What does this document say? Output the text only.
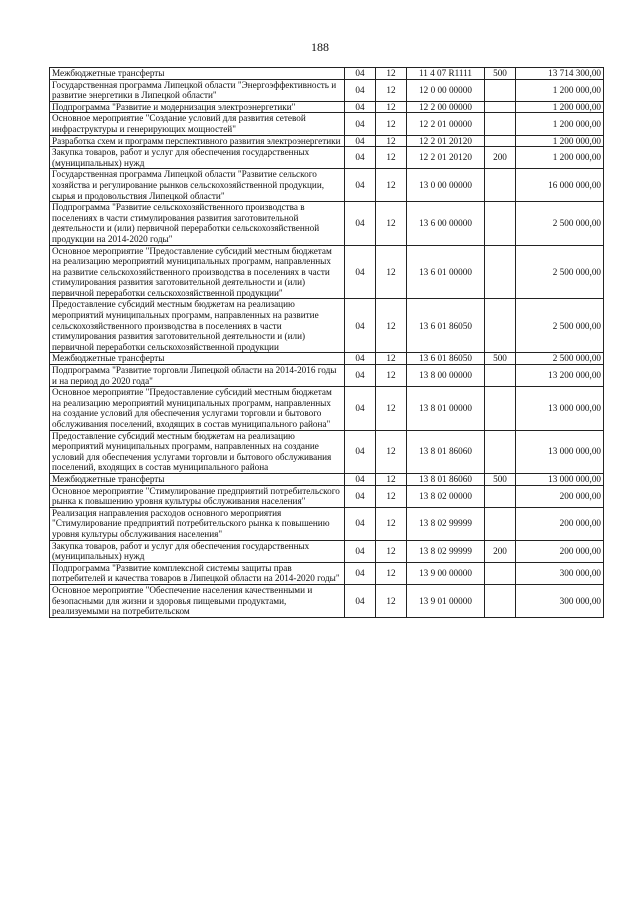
188
Межбюджетные трансферты	04	12	11 4 07 R1111	500	13 714 300,00
Государственная программа Липецкой области "Энергоэффективность и развитие энергетики в Липецкой области"	04	12	12 0 00 00000		1 200 000,00
Подпрограмма "Развитие и модернизация электроэнергетики"	04	12	12 2 00 00000		1 200 000,00
Основное мероприятие "Создание условий для развития сетевой инфраструктуры и генерирующих мощностей"	04	12	12 2 01 00000		1 200 000,00
Разработка схем и программ перспективного развития электроэнергетики	04	12	12 2 01 20120		1 200 000,00
Закупка товаров, работ и услуг для обеспечения государственных (муниципальных) нужд	04	12	12 2 01 20120	200	1 200 000,00
Государственная программа Липецкой области "Развитие сельского хозяйства и регулирование рынков сельскохозяйственной продукции, сырья и продовольствия Липецкой области"	04	12	13 0 00 00000		16 000 000,00
Подпрограмма "Развитие сельскохозяйственного производства в поселениях в части стимулирования развития заготовительной деятельности и (или) первичной переработки сельскохозяйственной продукции на 2014-2020 годы"	04	12	13 6 00 00000		2 500 000,00
Основное мероприятие "Предоставление субсидий местным бюджетам на реализацию мероприятий муниципальных программ, направленных на развитие сельскохозяйственного производства в поселениях в части стимулирования развития заготовительной деятельности и (или) первичной переработки сельскохозяйственной продукции"	04	12	13 6 01 00000		2 500 000,00
Предоставление субсидий местным бюджетам на реализацию мероприятий муниципальных программ, направленных на развитие сельскохозяйственного производства в поселениях в части стимулирования развития заготовительной деятельности и (или) первичной переработки сельскохозяйственной продукции	04	12	13 6 01 86050		2 500 000,00
Межбюджетные трансферты	04	12	13 6 01 86050	500	2 500 000,00
Подпрограмма "Развитие торговли Липецкой области на 2014-2016 годы и на период до 2020 года"	04	12	13 8 00 00000		13 200 000,00
Основное мероприятие "Предоставление субсидий местным бюджетам на реализацию мероприятий муниципальных программ, направленных на создание условий для обеспечения услугами торговли и бытового обслуживания поселений, входящих в состав муниципального района"	04	12	13 8 01 00000		13 000 000,00
Предоставление субсидий местным бюджетам на реализацию мероприятий муниципальных программ, направленных на создание условий для обеспечения услугами торговли и бытового обслуживания поселений, входящих в состав муниципального района	04	12	13 8 01 86060		13 000 000,00
Межбюджетные трансферты	04	12	13 8 01 86060	500	13 000 000,00
Основное мероприятие "Стимулирование предприятий потребительского рынка к повышению уровня культуры обслуживания населения"	04	12	13 8 02 00000		200 000,00
Реализация направления расходов основного мероприятия "Стимулирование предприятий потребительского рынка к повышению уровня культуры обслуживания населения"	04	12	13 8 02 99999		200 000,00
Закупка товаров, работ и услуг для обеспечения государственных (муниципальных) нужд	04	12	13 8 02 99999	200	200 000,00
Подпрограмма "Развитие комплексной системы защиты прав потребителей и качества товаров в Липецкой области на 2014-2020 годы"	04	12	13 9 00 00000		300 000,00
Основное мероприятие "Обеспечение населения качественными и безопасными для жизни и здоровья пищевыми продуктами, реализуемыми на потребительском	04	12	13 9 01 00000		300 000,00
